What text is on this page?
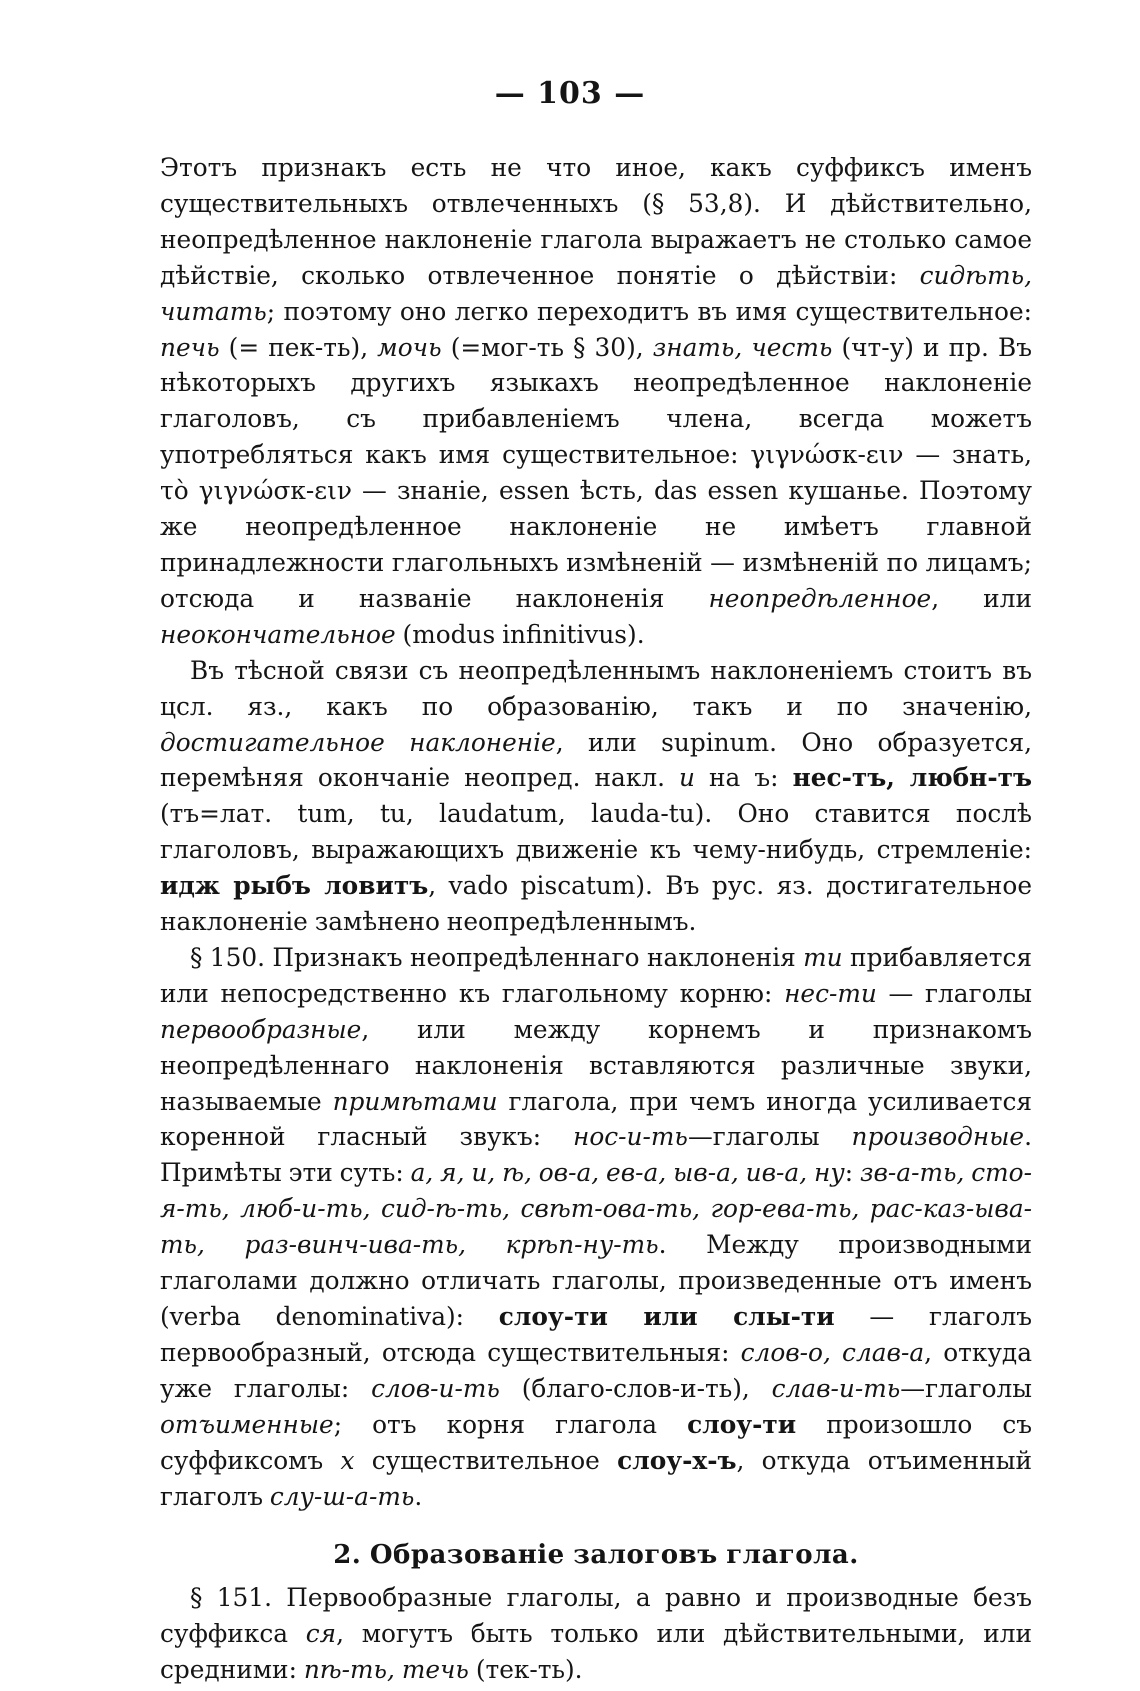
— 103 —

Этотъ признакъ есть не что иное, какъ суффиксъ именъ существительныхъ отвлеченныхъ (§ 53,8). И дѣйствительно, неопредѣленное наклоненіе глагола выражаетъ не столько самое дѣйствіе, сколько отвлеченное понятіе о дѣйствіи: сидѣть, читать; поэтому оно легко переходитъ въ имя существительное: печь (= пек-ть), мочь (=мог-ть § 30), знать, честь (чт-у) и пр. Въ нѣкоторыхъ другихъ языкахъ неопредѣленное наклоненіе глаголовъ, съ прибавленіемъ члена, всегда можетъ употребляться какъ имя существительное: γιγνώσκ-ειν — знать, τὸ γιγνώσκ-ειν — знаніе, essen ѣсть, das essen кушанье. Поэтому же неопредѣленное наклоненіе не имѣетъ главной принадлежности глагольныхъ измѣненій — измѣненій по лицамъ; отсюда и названіе наклоненія неопредѣленное, или неокончательное (modus infinitivus).

Въ тѣсной связи съ неопредѣленнымъ наклоненіемъ стоитъ въ цсл. яз., какъ по образованію, такъ и по значенію, достигательное наклоненіе, или supinum. Оно образуется, перемѣняя окончаніе неопред. накл. и на ъ: нес-тъ, любн-тъ (тъ=лат. tum, tu, laudatum, lauda-tu). Оно ставится послѣ глаголовъ, выражающихъ движеніе къ чему-нибудь, стремленіе: идж рыбъ ловитъ, vado piscatum). Въ рус. яз. достигательное наклоненіе замѣнено неопредѣленнымъ.

§ 150. Признакъ неопредѣленнаго наклоненія ти прибавляется или непосредственно къ глагольному корню: нес-ти — глаголы первообразные, или между корнемъ и признакомъ неопредѣленнаго наклоненія вставляются различные звуки, называемые примѣтами глагола, при чемъ иногда усиливается коренной гласный звукъ: нос-и-ть—глаголы производные. Примѣты эти суть: а, я, и, ѣ, ов-а, ев-а, ыв-а, ив-а, ну: зв-а-ть, сто-я-ть, люб-и-ть, сид-ѣ-ть, свѣт-ова-ть, гор-ева-ть, рас-каз-ыва-ть, раз-винч-ива-ть, крѣп-ну-ть. Между производными глаголами должно отличать глаголы, произведенные отъ именъ (verba denominativa): слоу-ти или слы-ти — глаголъ первообразный, отсюда существительныя: слов-о, слав-а, откуда уже глаголы: слов-и-ть (благо-слов-и-ть), слав-и-ть—глаголы отъименные; отъ корня глагола слоу-ти произошло съ суффиксомъ х существительное слоу-х-ъ, откуда отъименный глаголъ слу-ш-а-ть.

2. Образованіе залоговъ глагола.

§ 151. Первообразные глаголы, а равно и производные безъ суффикса ся, могутъ быть только или дѣйствительными, или средними: пѣ-ть, течь (тек-ть).
